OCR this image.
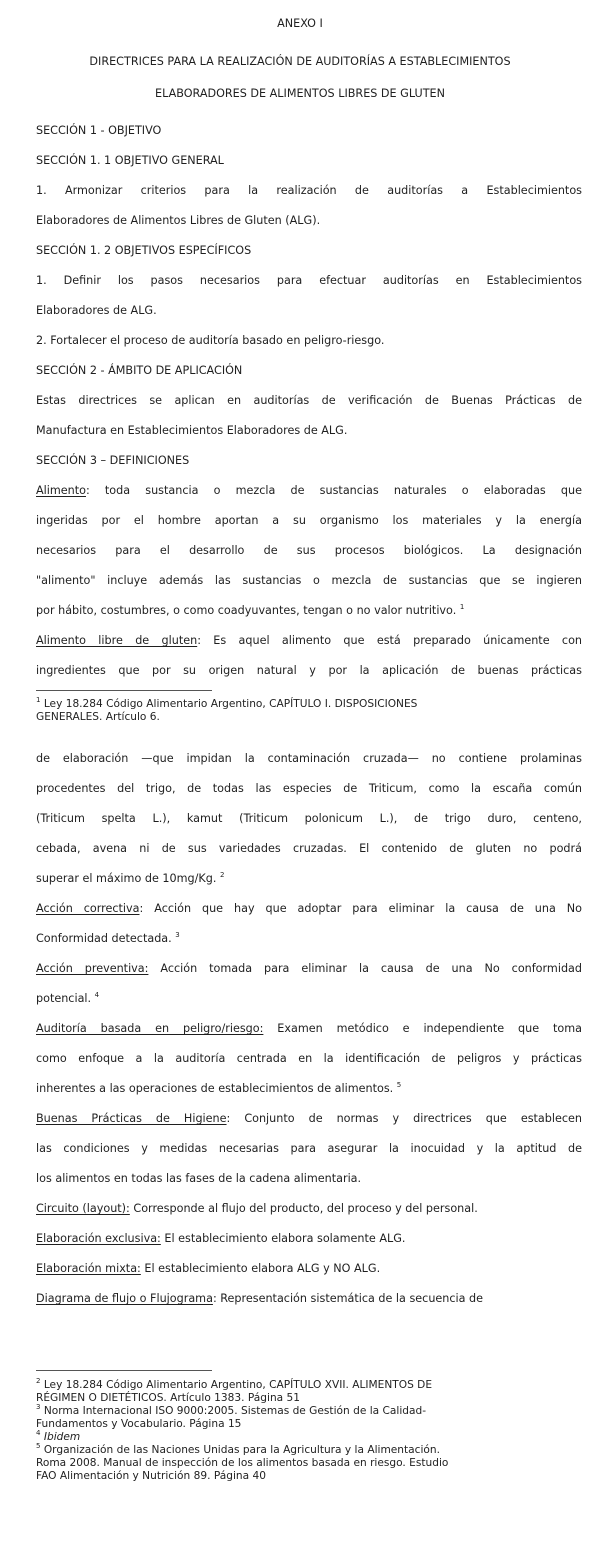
ANEXO I
DIRECTRICES PARA LA REALIZACIÓN DE AUDITORÍAS A ESTABLECIMIENTOS
ELABORADORES DE ALIMENTOS LIBRES DE GLUTEN
SECCIÓN 1 - OBJETIVO
SECCIÓN 1. 1 OBJETIVO GENERAL
1. Armonizar criterios para la realización de auditorías a Establecimientos
Elaboradores de Alimentos Libres de Gluten (ALG).
SECCIÓN 1. 2 OBJETIVOS ESPECÍFICOS
1. Definir los pasos necesarios para efectuar auditorías en Establecimientos
Elaboradores de ALG.
2. Fortalecer el proceso de auditoría basado en peligro-riesgo.
SECCIÓN 2 - ÁMBITO DE APLICACIÓN
Estas directrices se aplican en auditorías de verificación de Buenas Prácticas de
Manufactura en Establecimientos Elaboradores de ALG.
SECCIÓN 3 – DEFINICIONES
Alimento: toda sustancia o mezcla de sustancias naturales o elaboradas que
ingeridas por el hombre aportan a su organismo los materiales y la energía
necesarios para el desarrollo de sus procesos biológicos. La designación
"alimento" incluye además las sustancias o mezcla de sustancias que se ingieren
por hábito, costumbres, o como coadyuvantes, tengan o no valor nutritivo. $^1$
Alimento libre de gluten: Es aquel alimento que está preparado únicamente con
ingredientes que por su origen natural y por la aplicación de buenas prácticas
$^1$ Ley 18.284 Código Alimentario Argentino, CAPÍTULO I. DISPOSICIONES
GENERALES. Artículo 6.
de elaboración —que impidan la contaminación cruzada— no contiene prolaminas
procedentes del trigo, de todas las especies de Triticum, como la escaña común
(Triticum spelta L.), kamut (Triticum polonicum L.), de trigo duro, centeno,
cebada, avena ni de sus variedades cruzadas. El contenido de gluten no podrá
superar el máximo de 10mg/Kg. $^2$
Acción correctiva: Acción que hay que adoptar para eliminar la causa de una No
Conformidad detectada. $^3$
Acción preventiva: Acción tomada para eliminar la causa de una No conformidad
potencial. $^4$
Auditoría basada en peligro/riesgo: Examen metódico e independiente que toma
como enfoque a la auditoría centrada en la identificación de peligros y prácticas
inherentes a las operaciones de establecimientos de alimentos. $^5$
Buenas Prácticas de Higiene: Conjunto de normas y directrices que establecen
las condiciones y medidas necesarias para asegurar la inocuidad y la aptitud de
los alimentos en todas las fases de la cadena alimentaria.
Circuito (layout): Corresponde al flujo del producto, del proceso y del personal.
Elaboración exclusiva: El establecimiento elabora solamente ALG.
Elaboración mixta: El establecimiento elabora ALG y NO ALG.
Diagrama de flujo o Flujograma: Representación sistemática de la secuencia de
$^2$ Ley 18.284 Código Alimentario Argentino, CAPÍTULO XVII. ALIMENTOS DE
RÉGIMEN O DIETÉTICOS. Artículo 1383. Página 51
$^3$ Norma Internacional ISO 9000:2005. Sistemas de Gestión de la Calidad-
Fundamentos y Vocabulario. Página 15
$^4$ Ibidem
$^5$ Organización de las Naciones Unidas para la Agricultura y la Alimentación.
Roma 2008. Manual de inspección de los alimentos basada en riesgo. Estudio
FAO Alimentación y Nutrición 89. Página 40
